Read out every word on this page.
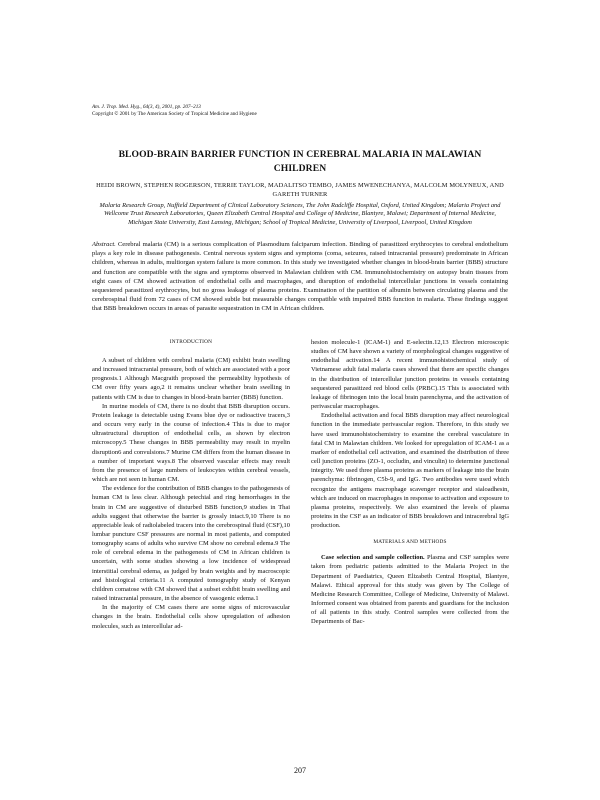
Am. J. Trop. Med. Hyg., 64(3, 4), 2001, pp. 207–213
Copyright © 2001 by The American Society of Tropical Medicine and Hygiene
BLOOD-BRAIN BARRIER FUNCTION IN CEREBRAL MALARIA IN MALAWIAN CHILDREN
HEIDI BROWN, STEPHEN ROGERSON, TERRIE TAYLOR, MADALITSO TEMBO, JAMES MWENECHANYA, MALCOLM MOLYNEUX, AND GARETH TURNER
Malaria Research Group, Nuffield Department of Clinical Laboratory Sciences, The John Radcliffe Hospital, Oxford, United Kingdom; Malaria Project and Wellcome Trust Research Laboratories, Queen Elizabeth Central Hospital and College of Medicine, Blantyre, Malawi; Department of Internal Medicine, Michigan State University, East Lansing, Michigan; School of Tropical Medicine, University of Liverpool, Liverpool, United Kingdom
Abstract. Cerebral malaria (CM) is a serious complication of Plasmodium falciparum infection. Binding of parasitized erythrocytes to cerebral endothelium plays a key role in disease pathogenesis. Central nervous system signs and symptoms (coma, seizures, raised intracranial pressure) predominate in African children, whereas in adults, multiorgan system failure is more common. In this study we investigated whether changes in blood-brain barrier (BBB) structure and function are compatible with the signs and symptoms observed in Malawian children with CM. Immunohistochemistry on autopsy brain tissues from eight cases of CM showed activation of endothelial cells and macrophages, and disruption of endothelial intercellular junctions in vessels containing sequestered parasitized erythrocytes, but no gross leakage of plasma proteins. Examination of the partition of albumin between circulating plasma and the cerebrospinal fluid from 72 cases of CM showed subtle but measurable changes compatible with impaired BBB function in malaria. These findings suggest that BBB breakdown occurs in areas of parasite sequestration in CM in African children.
INTRODUCTION

A subset of children with cerebral malaria (CM) exhibit brain swelling and increased intracranial pressure, both of which are associated with a poor prognosis.1 Although Macgraith proposed the permeability hypothesis of CM over fifty years ago,2 it remains unclear whether brain swelling in patients with CM is due to changes in blood-brain barrier (BBB) function.

In murine models of CM, there is no doubt that BBB disruption occurs. Protein leakage is detectable using Evans blue dye or radioactive tracers,3 and occurs very early in the course of infection.4 This is due to major ultrastructural disruption of endothelial cells, as shown by electron microscopy.5 These changes in BBB permeability may result in myelin disruption6 and convulsions.7 Murine CM differs from the human disease in a number of important ways.8 The observed vascular effects may result from the presence of large numbers of leukocytes within cerebral vessels, which are not seen in human CM.

The evidence for the contribution of BBB changes to the pathogenesis of human CM is less clear. Although petechial and ring hemorrhages in the brain in CM are suggestive of disturbed BBB function,9 studies in Thai adults suggest that otherwise the barrier is grossly intact.9,10 There is no appreciable leak of radiolabeled tracers into the cerebrospinal fluid (CSF),10 lumbar puncture CSF pressures are normal in most patients, and computed tomography scans of adults who survive CM show no cerebral edema.9 The role of cerebral edema in the pathogenesis of CM in African children is uncertain, with some studies showing a low incidence of widespread interstitial cerebral edema, as judged by brain weights and by macroscopic and histological criteria.11 A computed tomography study of Kenyan children comatose with CM showed that a subset exhibit brain swelling and raised intracranial pressure, in the absence of vasogenic edema.1

In the majority of CM cases there are some signs of microvascular changes in the brain. Endothelial cells show upregulation of adhesion molecules, such as intercellular ad-

hesion molecule-1 (ICAM-1) and E-selectin.12,13 Electron microscopic studies of CM have shown a variety of morphological changes suggestive of endothelial activation.14 A recent immunohistochemical study of Vietnamese adult fatal malaria cases showed that there are specific changes in the distribution of intercellular junction proteins in vessels containing sequestered parasitized red blood cells (PRBC).15 This is associated with leakage of fibrinogen into the local brain parenchyma, and the activation of perivascular macrophages.

Endothelial activation and focal BBB disruption may affect neurological function in the immediate perivascular region. Therefore, in this study we have used immunohistochemistry to examine the cerebral vasculature in fatal CM in Malawian children. We looked for upregulation of ICAM-1 as a marker of endothelial cell activation, and examined the distribution of three cell junction proteins (ZO-1, occludin, and vinculin) to determine junctional integrity. We used three plasma proteins as markers of leakage into the brain parenchyma: fibrinogen, C5b-9, and IgG. Two antibodies were used which recognize the antigens macrophage scavenger receptor and sialoadhesin, which are induced on macrophages in response to activation and exposure to plasma proteins, respectively. We also examined the levels of plasma proteins in the CSF as an indicator of BBB breakdown and intracerebral IgG production.

MATERIALS AND METHODS

Case selection and sample collection. Plasma and CSF samples were taken from pediatric patients admitted to the Malaria Project in the Department of Paediatrics, Queen Elizabeth Central Hospital, Blantyre, Malawi. Ethical approval for this study was given by The College of Medicine Research Committee, College of Medicine, University of Malawi. Informed consent was obtained from parents and guardians for the inclusion of all patients in this study. Control samples were collected from the Departments of Bac-

207
